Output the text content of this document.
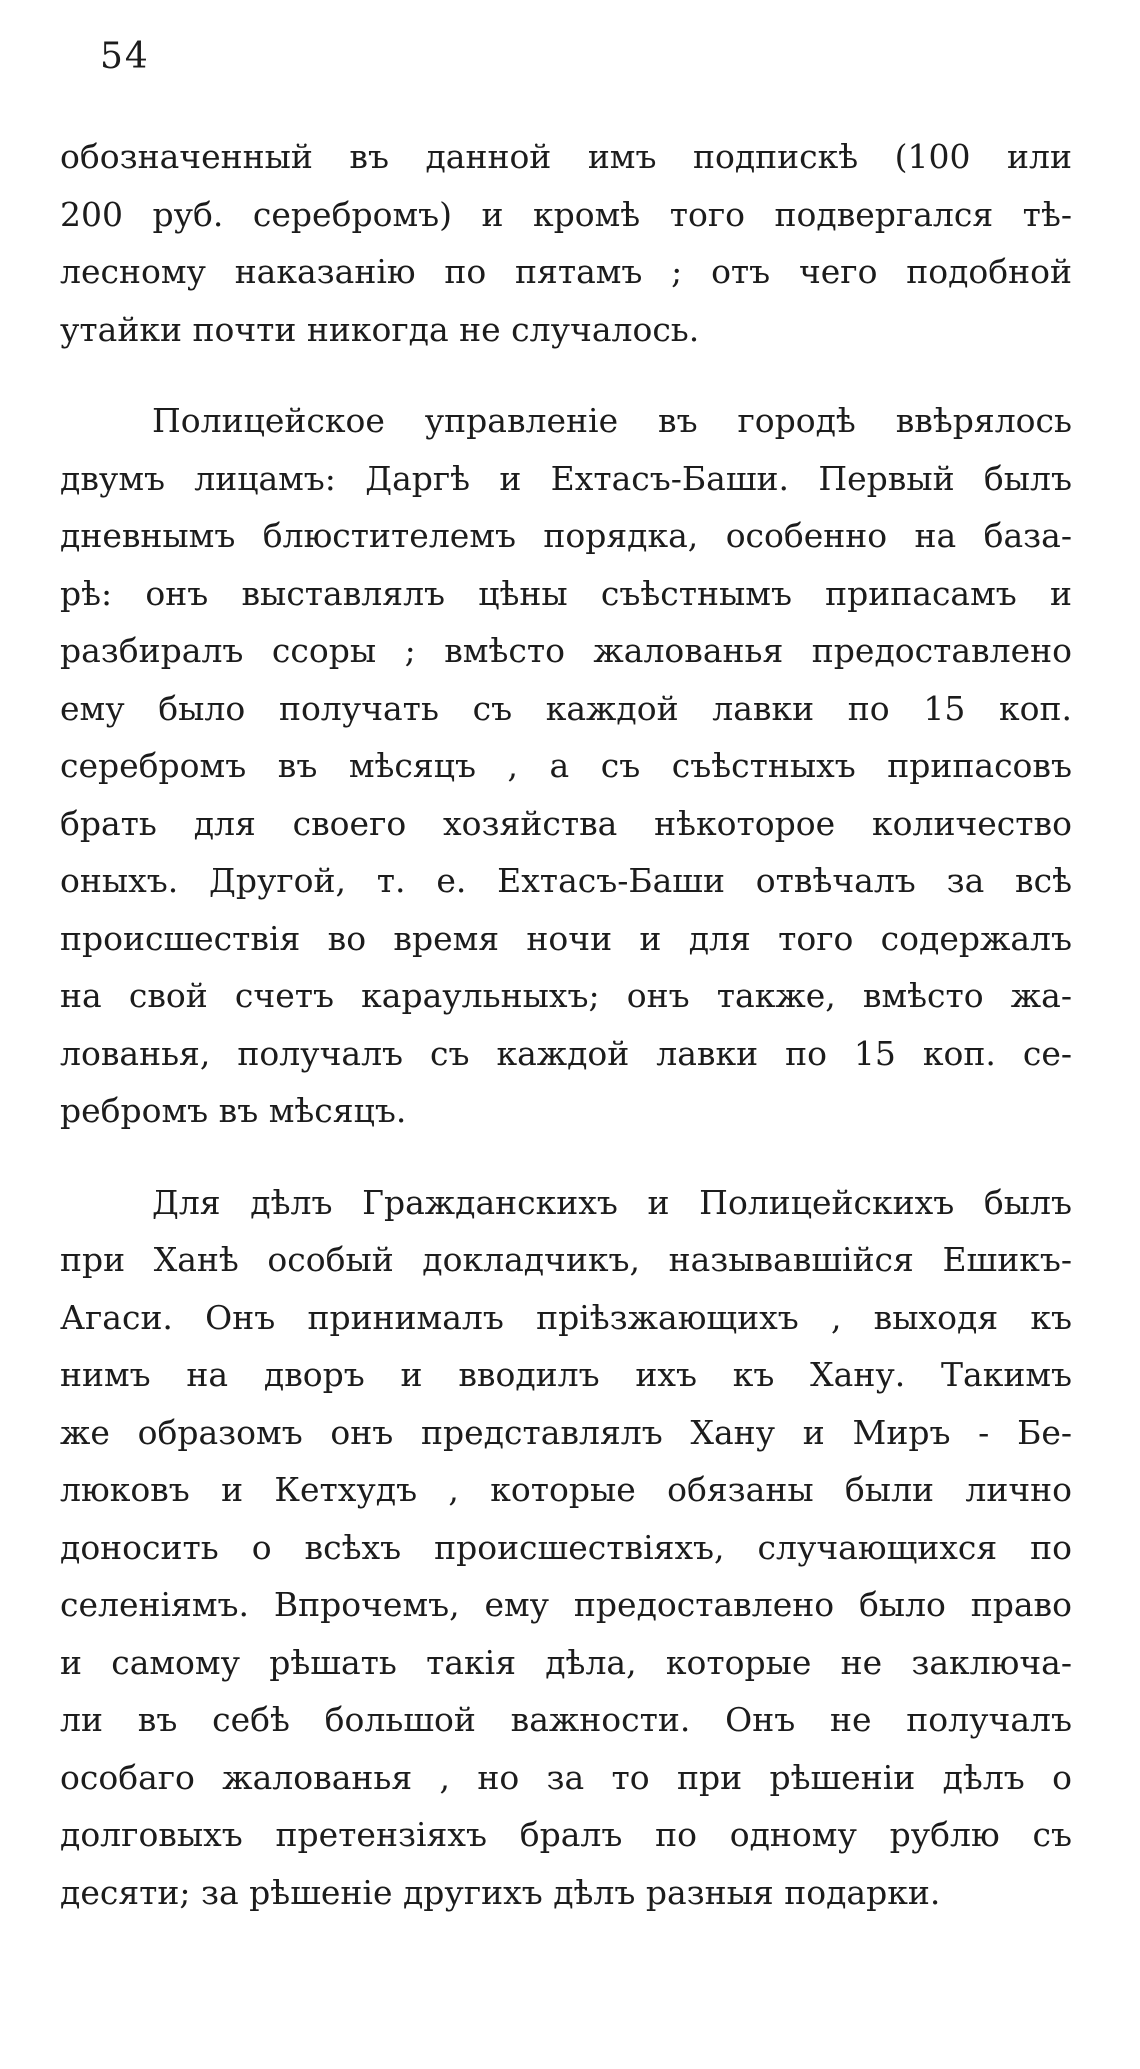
54
обозначенный въ данной имъ подпискѣ (100 или
200 руб. серебромъ) и кромѣ того подвергался тѣ-
лесному наказанію по пятамъ ; отъ чего подобной
утайки почти никогда не случалось.
Полицейское управленіе въ городѣ ввѣрялось
двумъ лицамъ: Даргѣ и Ехтасъ-Баши. Первый былъ
дневнымъ блюстителемъ порядка, особенно на база-
рѣ: онъ выставлялъ цѣны съѣстнымъ припасамъ и
разбиралъ ссоры ; вмѣсто жалованья предоставлено
ему было получать съ каждой лавки по 15 коп.
серебромъ въ мѣсяцъ , а съ съѣстныхъ припасовъ
брать для своего хозяйства нѣкоторое количество
оныхъ. Другой, т. е. Ехтасъ-Баши отвѣчалъ за всѣ
происшествія во время ночи и для того содержалъ
на свой счетъ караульныхъ; онъ также, вмѣсто жа-
лованья, получалъ съ каждой лавки по 15 коп. се-
ребромъ въ мѣсяцъ.
Для дѣлъ Гражданскихъ и Полицейскихъ былъ
при Ханѣ особый докладчикъ, называвшійся Ешикъ-
Агаси. Онъ принималъ пріѣзжающихъ , выходя къ
нимъ на дворъ и вводилъ ихъ къ Хану. Такимъ
же образомъ онъ представлялъ Хану и Миръ - Бе-
люковъ и Кетхудъ , которые обязаны были лично
доносить о всѣхъ происшествіяхъ, случающихся по
селеніямъ. Впрочемъ, ему предоставлено было право
и самому рѣшать такія дѣла, которые не заключа-
ли въ себѣ большой важности. Онъ не получалъ
особаго жалованья , но за то при рѣшеніи дѣлъ о
долговыхъ претензіяхъ бралъ по одному рублю съ
десяти; за рѣшеніе другихъ дѣлъ разныя подарки.
